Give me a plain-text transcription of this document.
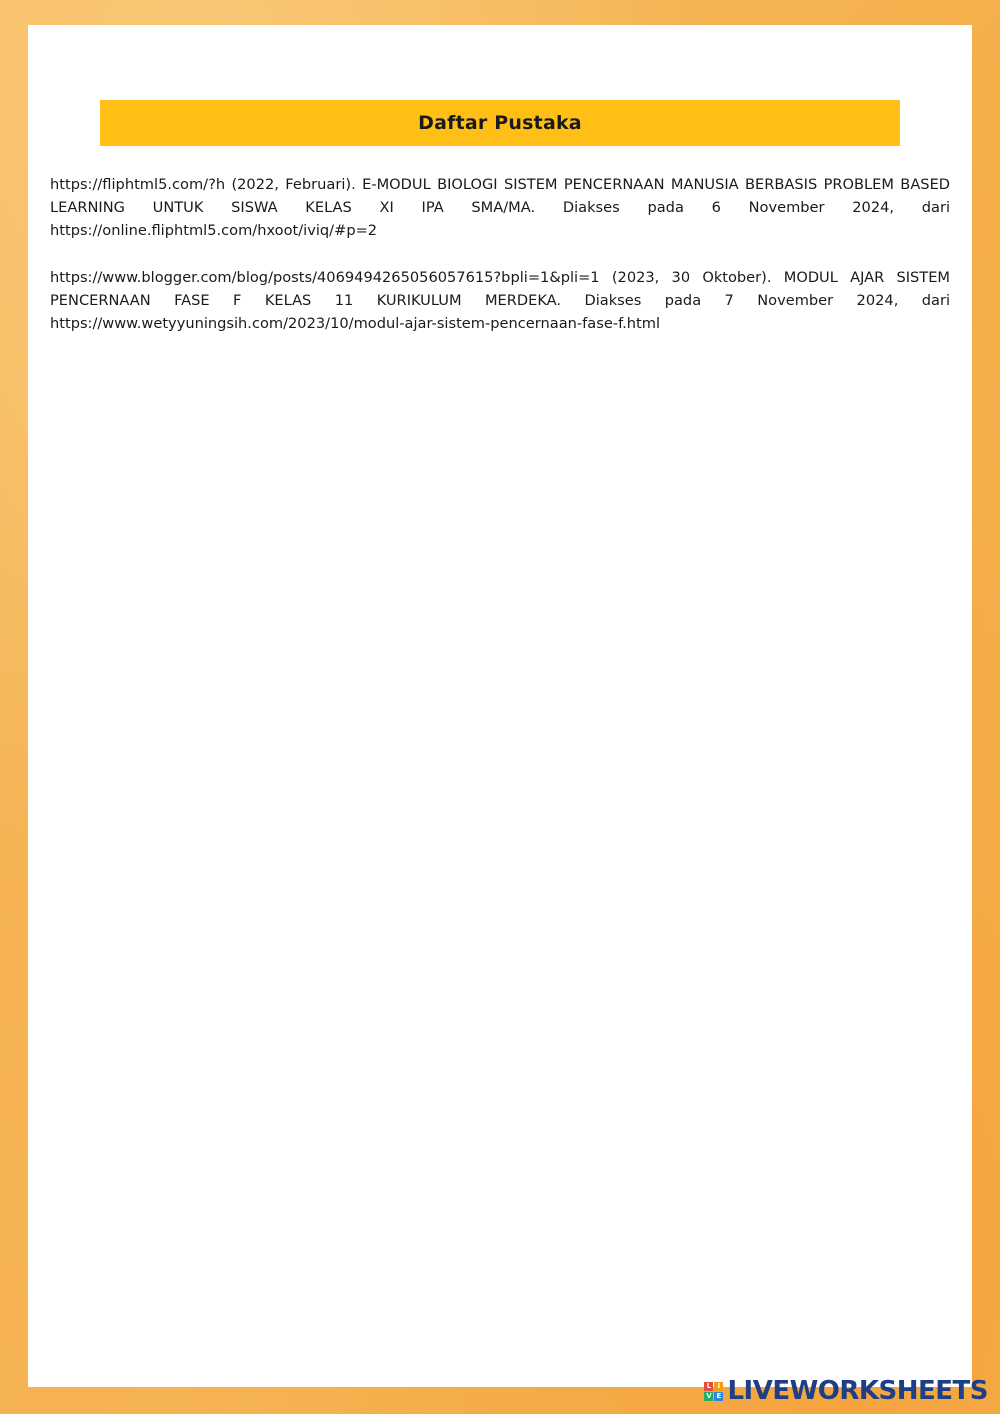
Daftar Pustaka

https://fliphtml5.com/?h (2022, Februari). E-MODUL BIOLOGI SISTEM PENCERNAAN MANUSIA BERBASIS PROBLEM BASED LEARNING UNTUK SISWA KELAS XI IPA SMA/MA. Diakses pada 6 November 2024, dari https://online.fliphtml5.com/hxoot/iviq/#p=2

https://www.blogger.com/blog/posts/4069494265056057615?bpli=1&pli=1 (2023, 30 Oktober). MODUL AJAR SISTEM PENCERNAAN FASE F KELAS 11 KURIKULUM MERDEKA. Diakses pada 7 November 2024, dari https://www.wetyyuningsih.com/2023/10/modul-ajar-sistem-pencernaan-fase-f.html

L I
V E LIVEWORKSHEETS
